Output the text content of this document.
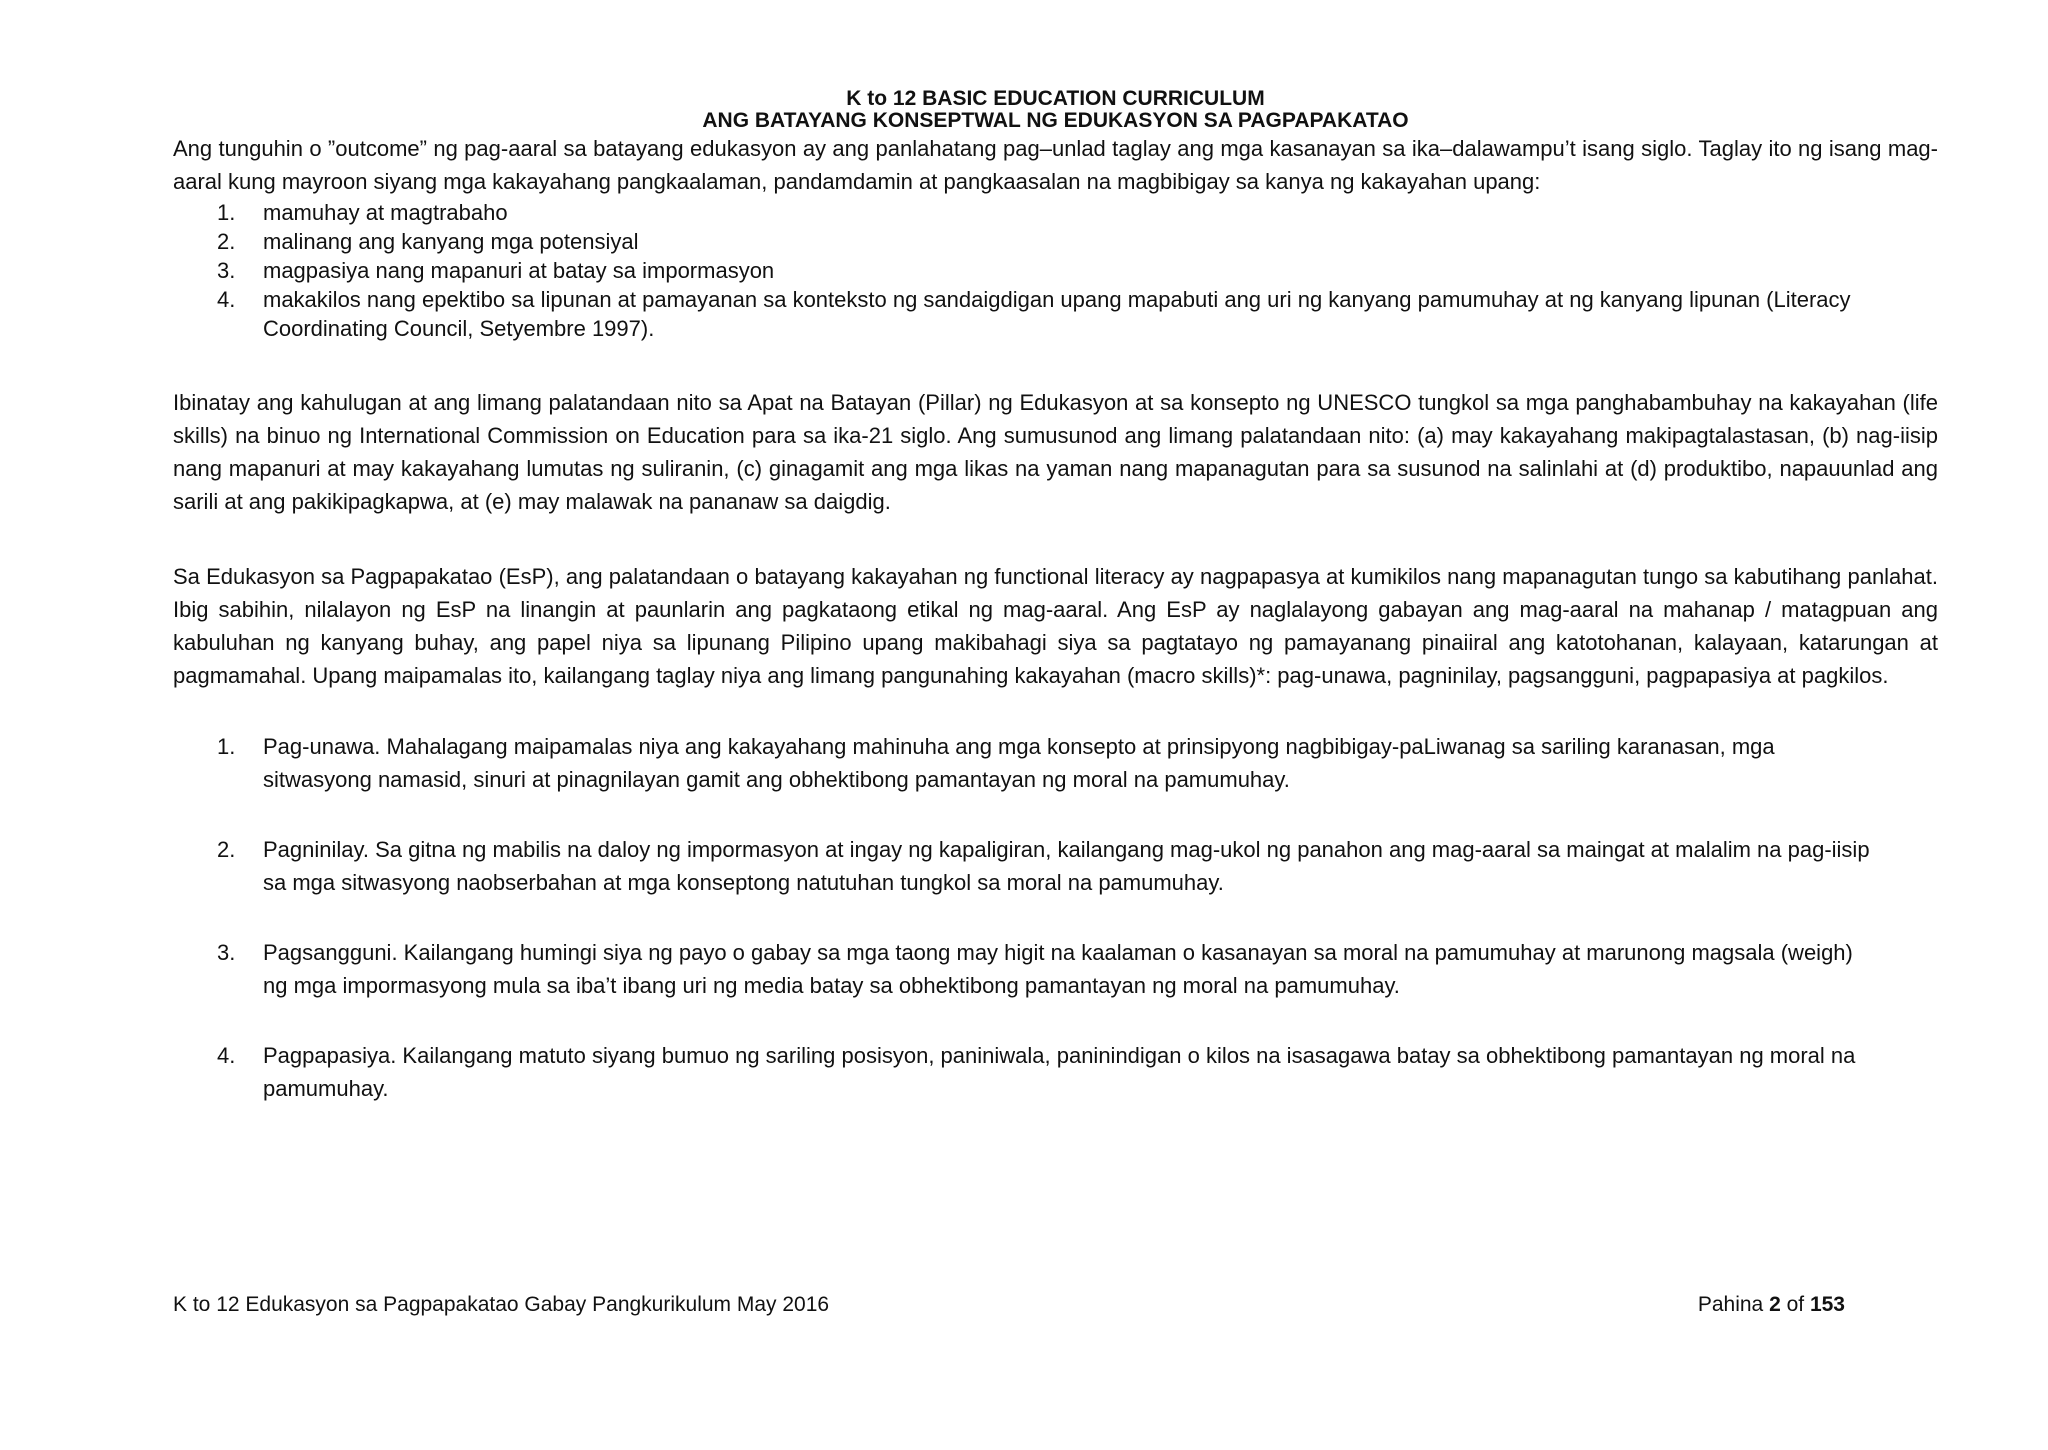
K to 12 BASIC EDUCATION CURRICULUM
ANG BATAYANG KONSEPTWAL NG EDUKASYON SA PAGPAPAKATAO

Ang tunguhin o ”outcome” ng pag-aaral sa batayang edukasyon ay ang panlahatang pag–unlad taglay ang mga kasanayan sa ika–dalawampu’t isang siglo. Taglay ito ng isang mag-aaral kung mayroon siyang mga kakayahang pangkaalaman, pandamdamin at pangkaasalan na magbibigay sa kanya ng kakayahan upang:

1. mamuhay at magtrabaho
2. malinang ang kanyang mga potensiyal
3. magpasiya nang mapanuri at batay sa impormasyon
4. makakilos nang epektibo sa lipunan at pamayanan sa konteksto ng sandaigdigan upang mapabuti ang uri ng kanyang pamumuhay at ng kanyang lipunan (Literacy Coordinating Council, Setyembre 1997).

Ibinatay ang kahulugan at ang limang palatandaan nito sa Apat na Batayan (Pillar) ng Edukasyon at sa konsepto ng UNESCO tungkol sa mga panghabambuhay na kakayahan (life skills) na binuo ng International Commission on Education para sa ika-21 siglo. Ang sumusunod ang limang palatandaan nito: (a) may kakayahang makipagtalastasan, (b) nag-iisip nang mapanuri at may kakayahang lumutas ng suliranin, (c) ginagamit ang mga likas na yaman nang mapanagutan para sa susunod na salinlahi at (d) produktibo, napauunlad ang sarili at ang pakikipagkapwa, at (e) may malawak na pananaw sa daigdig.

Sa Edukasyon sa Pagpapakatao (EsP), ang palatandaan o batayang kakayahan ng functional literacy ay nagpapasya at kumikilos nang mapanagutan tungo sa kabutihang panlahat. Ibig sabihin, nilalayon ng EsP na linangin at paunlarin ang pagkataong etikal ng mag-aaral. Ang EsP ay naglalayong gabayan ang mag-aaral na mahanap / matagpuan ang kabuluhan ng kanyang buhay, ang papel niya sa lipunang Pilipino upang makibahagi siya sa pagtatayo ng pamayanang pinaiiral ang katotohanan, kalayaan, katarungan at pagmamahal. Upang maipamalas ito, kailangang taglay niya ang limang pangunahing kakayahan (macro skills)*: pag-unawa, pagninilay, pagsangguni, pagpapasiya at pagkilos.

1. Pag-unawa. Mahalagang maipamalas niya ang kakayahang mahinuha ang mga konsepto at prinsipyong nagbibigay-paLiwanag sa sariling karanasan, mga sitwasyong namasid, sinuri at pinagnilayan gamit ang obhektibong pamantayan ng moral na pamumuhay.
2. Pagninilay. Sa gitna ng mabilis na daloy ng impormasyon at ingay ng kapaligiran, kailangang mag-ukol ng panahon ang mag-aaral sa maingat at malalim na pag-iisip sa mga sitwasyong naobserbahan at mga konseptong natutuhan tungkol sa moral na pamumuhay.
3. Pagsangguni. Kailangang humingi siya ng payo o gabay sa mga taong may higit na kaalaman o kasanayan sa moral na pamumuhay at marunong magsala (weigh) ng mga impormasyong mula sa iba’t ibang uri ng media batay sa obhektibong pamantayan ng moral na pamumuhay.
4. Pagpapasiya. Kailangang matuto siyang bumuo ng sariling posisyon, paniniwala, paninindigan o kilos na isasagawa batay sa obhektibong pamantayan ng moral na pamumuhay.
K to 12 Edukasyon sa Pagpapakatao Gabay Pangkurikulum May 2016	Pahina 2 of 153
